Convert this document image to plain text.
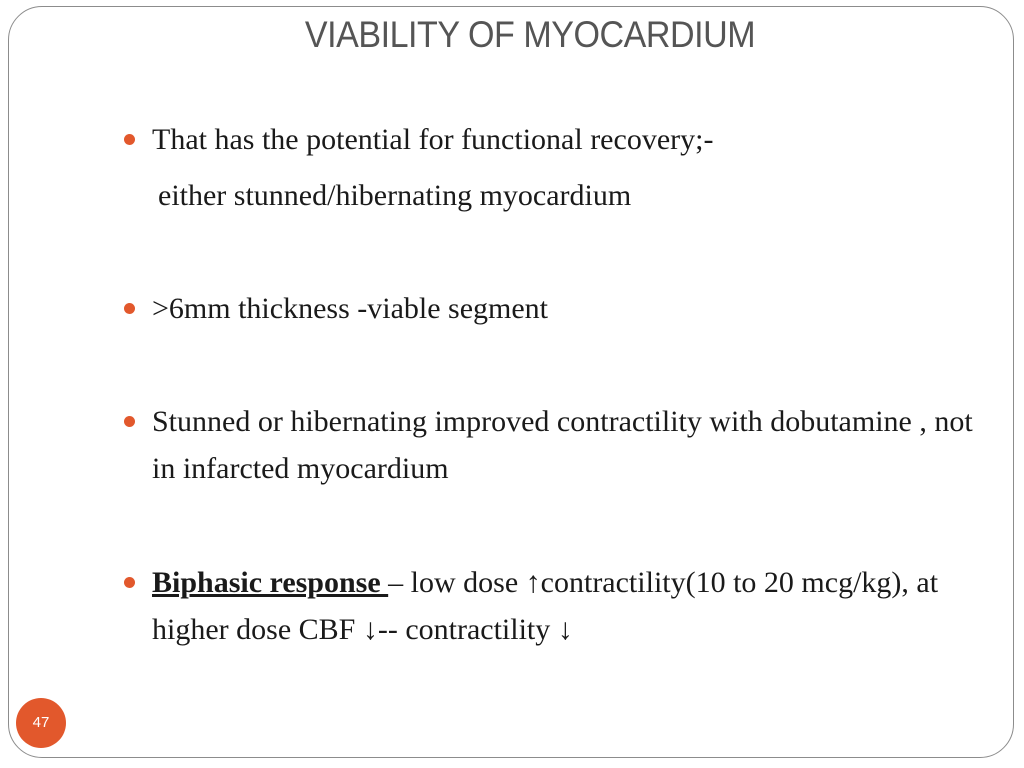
VIABILITY OF MYOCARDIUM
That has the potential for functional recovery;-
either stunned/hibernating myocardium
>6mm thickness -viable segment
Stunned or hibernating improved contractility with dobutamine , not in infarcted myocardium
Biphasic response – low dose ↑contractility(10 to 20 mcg/kg), at higher dose CBF ↓-- contractility ↓
47
